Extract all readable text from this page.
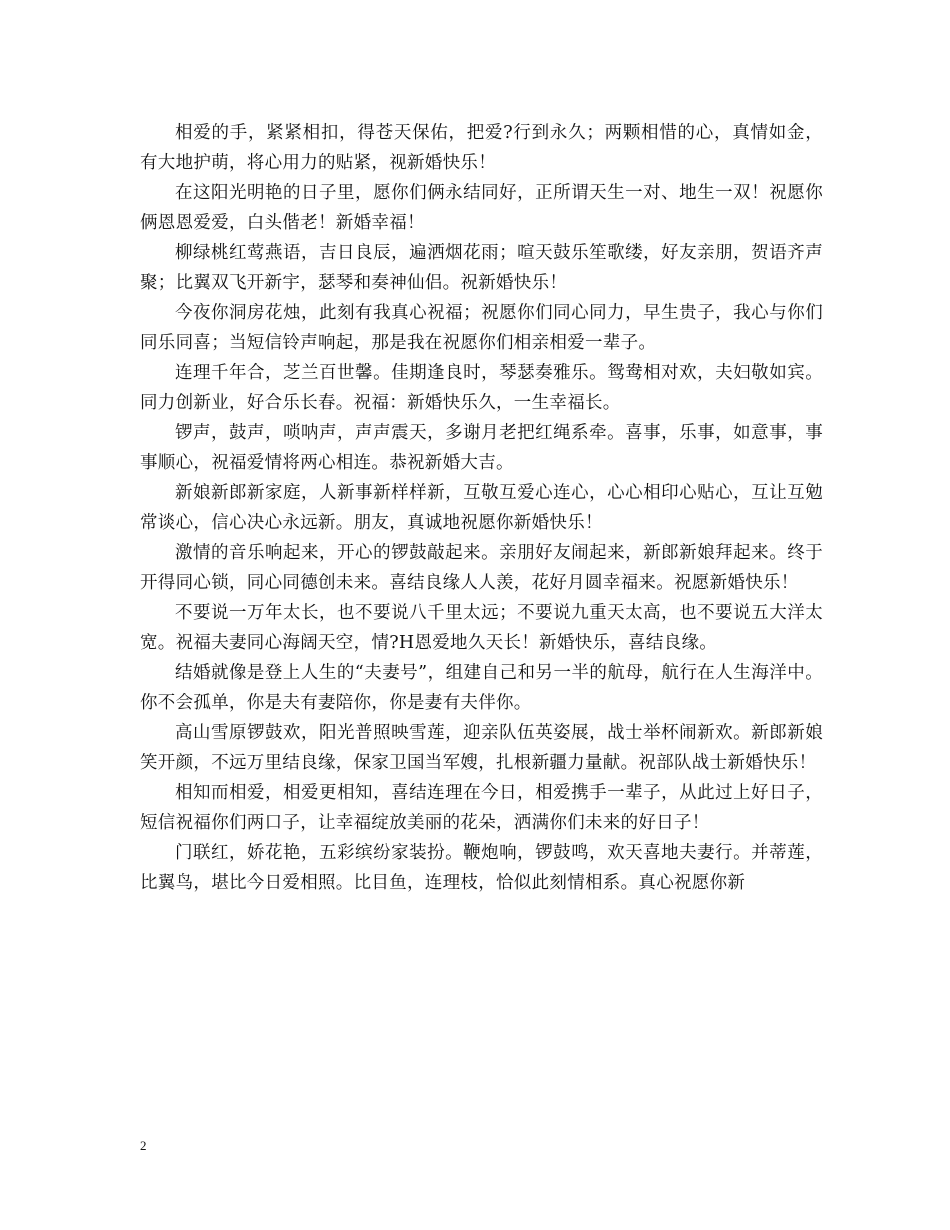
相爱的手，紧紧相扣，得苍天保佑，把爱?行到永久；两颗相惜的心，真情如金，有大地护萌，将心用力的贴紧，视新婚快乐！

在这阳光明艳的日子里，愿你们俩永结同好，正所谓天生一对、地生一双！祝愿你俩恩恩爱爱，白头偕老！新婚幸福！

柳绿桃红莺燕语，吉日良辰，遍洒烟花雨；喧天鼓乐笙歌缕，好友亲朋，贺语齐声聚；比翼双飞开新宇，瑟琴和奏神仙侣。祝新婚快乐！

今夜你洞房花烛，此刻有我真心祝福；祝愿你们同心同力，早生贵子，我心与你们同乐同喜；当短信铃声响起，那是我在祝愿你们相亲相爱一辈子。

连理千年合，芝兰百世馨。佳期逢良时，琴瑟奏雅乐。鸳鸯相对欢，夫妇敬如宾。同力创新业，好合乐长春。祝福：新婚快乐久，一生幸福长。

锣声，鼓声，唢呐声，声声震天，多谢月老把红绳系牵。喜事，乐事，如意事，事事顺心，祝福爱情将两心相连。恭祝新婚大吉。

新娘新郎新家庭，人新事新样样新，互敬互爱心连心，心心相印心贴心，互让互勉常谈心，信心决心永远新。朋友，真诚地祝愿你新婚快乐！

激情的音乐响起来，开心的锣鼓敲起来。亲朋好友闹起来，新郎新娘拜起来。终于开得同心锁，同心同德创未来。喜结良缘人人羡，花好月圆幸福来。祝愿新婚快乐！

不要说一万年太长，也不要说八千里太远；不要说九重天太高，也不要说五大洋太宽。祝福夫妻同心海阔天空，情?H恩爱地久天长！新婚快乐，喜结良缘。

结婚就像是登上人生的“夫妻号”，组建自己和另一半的航母，航行在人生海洋中。你不会孤单，你是夫有妻陪你，你是妻有夫伴你。

高山雪原锣鼓欢，阳光普照映雪莲，迎亲队伍英姿展，战士举杯闹新欢。新郎新娘笑开颜，不远万里结良缘，保家卫国当军嫂，扎根新疆力量献。祝部队战士新婚快乐！

相知而相爱，相爱更相知，喜结连理在今日，相爱携手一辈子，从此过上好日子，短信祝福你们两口子，让幸福绽放美丽的花朵，洒满你们未来的好日子！

门联红，娇花艳，五彩缤纷家装扮。鞭炮响，锣鼓鸣，欢天喜地夫妻行。并蒂莲，比翼鸟，堪比今日爱相照。比目鱼，连理枝，恰似此刻情相系。真心祝愿你新

2
